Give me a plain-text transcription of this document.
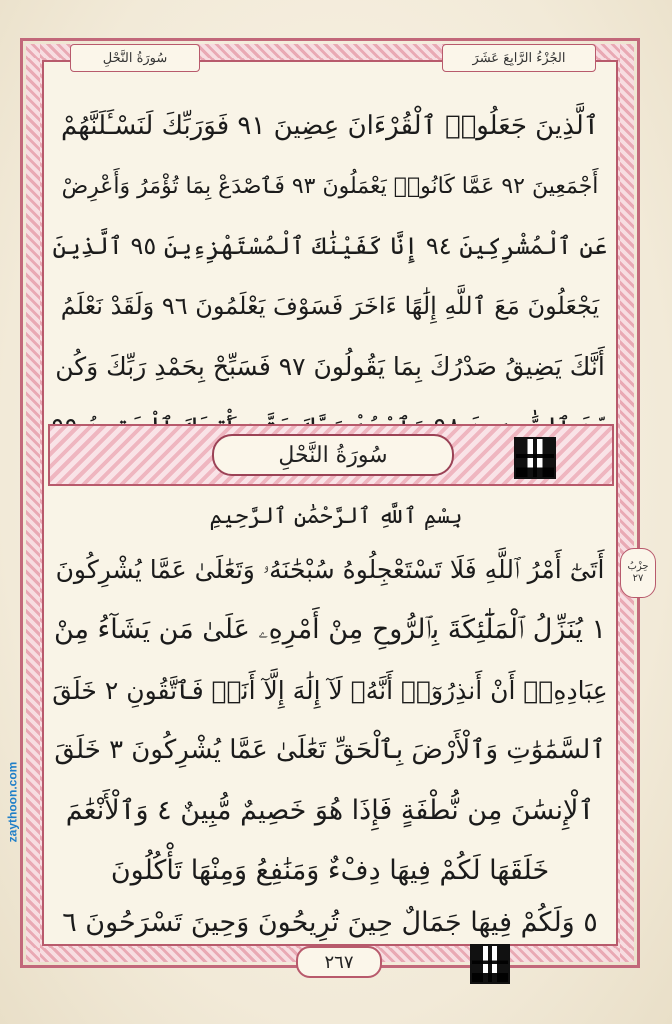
سُورَةُ النَّحْلِ	الجُزْءُ الرَّابِعَ عَشَرَ
ٱلَّذِينَ جَعَلُوا۟ ٱلْقُرْءَانَ عِضِينَ ٩١ فَوَرَبِّكَ لَنَسْـَٔلَنَّهُمْ
أَجْمَعِينَ ٩٢ عَمَّا كَانُوا۟ يَعْمَلُونَ ٩٣ فَٱصْدَعْ بِمَا تُؤْمَرُ وَأَعْرِضْ
عَنِ ٱلْمُشْرِكِينَ ٩٤ إِنَّا كَفَيْنَٰكَ ٱلْمُسْتَهْزِءِينَ ٩٥ ٱلَّذِينَ
يَجْعَلُونَ مَعَ ٱللَّهِ إِلَٰهًا ءَاخَرَ فَسَوْفَ يَعْلَمُونَ ٩٦ وَلَقَدْ نَعْلَمُ
أَنَّكَ يَضِيقُ صَدْرُكَ بِمَا يَقُولُونَ ٩٧ فَسَبِّحْ بِحَمْدِ رَبِّكَ وَكُن
سُورَةُ النَّحْلِ
بِسْمِ ٱللَّهِ ٱلرَّحْمَٰنِ ٱلرَّحِيمِ
حِزْبُ
٢٧
أَتَىٰٓ أَمْرُ ٱللَّهِ فَلَا تَسْتَعْجِلُوهُ سُبْحَٰنَهُۥ وَتَعَٰلَىٰ عَمَّا يُشْرِكُونَ
١ يُنَزِّلُ ٱلْمَلَٰٓئِكَةَ بِٱلرُّوحِ مِنْ أَمْرِهِۦ عَلَىٰ مَن يَشَآءُ مِنْ
عِبَادِهِۦٓ أَنْ أَنذِرُوٓا۟ أَنَّهُۥ لَآ إِلَٰهَ إِلَّآ أَنَا۠ فَٱتَّقُونِ ٢ خَلَقَ
ٱلسَّمَٰوَٰتِ وَٱلْأَرْضَ بِٱلْحَقِّ تَعَٰلَىٰ عَمَّا يُشْرِكُونَ ٣ خَلَقَ
ٱلْإِنسَٰنَ مِن نُّطْفَةٍ فَإِذَا هُوَ خَصِيمٌ مُّبِينٌ ٤ وَٱلْأَنْعَٰمَ
خَلَقَهَا لَكُمْ فِيهَا دِفْءٌ وَمَنَٰفِعُ وَمِنْهَا تَأْكُلُونَ
٥ وَلَكُمْ فِيهَا جَمَالٌ حِينَ تُرِيحُونَ وَحِينَ تَسْرَحُونَ ٦
٢٦٧
zaythoon.com
